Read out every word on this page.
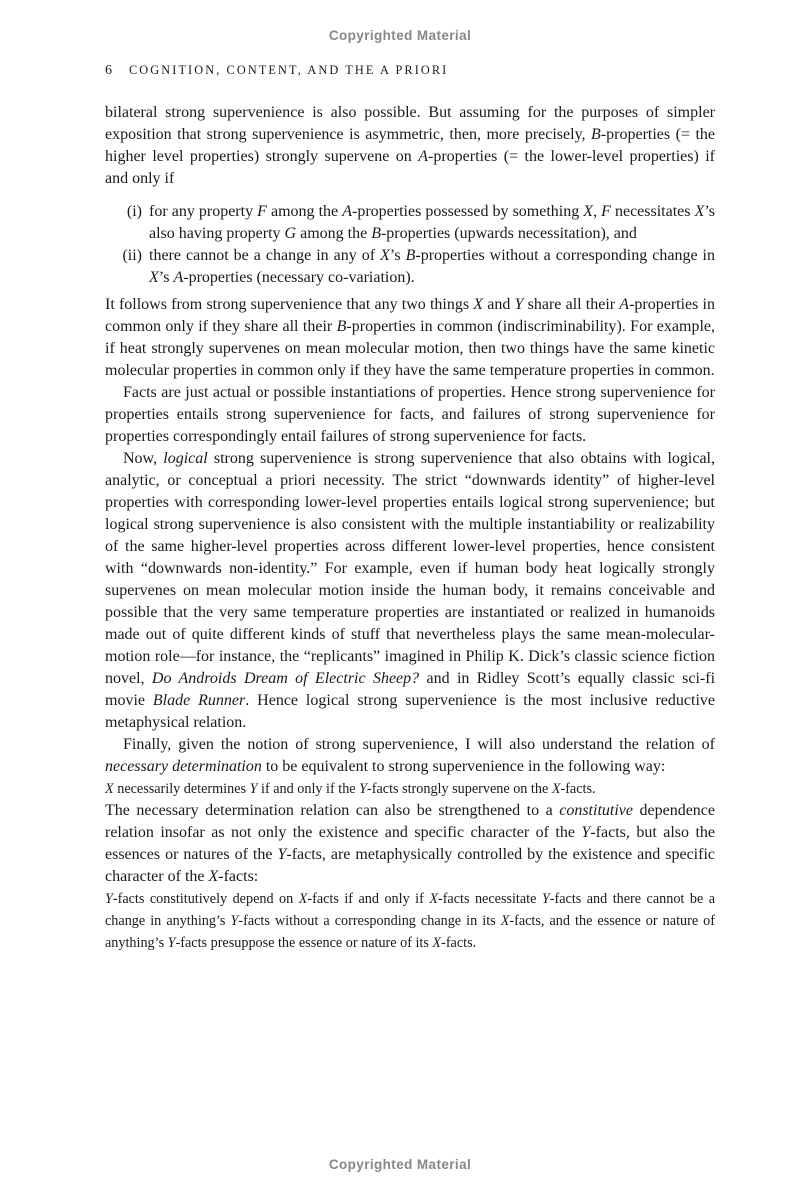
Copyrighted Material
6 COGNITION, CONTENT, AND THE A PRIORI

bilateral strong supervenience is also possible. But assuming for the purposes of simpler exposition that strong supervenience is asymmetric, then, more precisely, B-properties (= the higher level properties) strongly supervene on A-properties (= the lower-level properties) if and only if

(i) for any property F among the A-properties possessed by something X, F necessitates X’s also having property G among the B-properties (upwards necessitation), and
(ii) there cannot be a change in any of X’s B-properties without a corresponding change in X’s A-properties (necessary co-variation).

It follows from strong supervenience that any two things X and Y share all their A-properties in common only if they share all their B-properties in common (indiscriminability). For example, if heat strongly supervenes on mean molecular motion, then two things have the same kinetic molecular properties in common only if they have the same temperature properties in common.

Facts are just actual or possible instantiations of properties. Hence strong supervenience for properties entails strong supervenience for facts, and failures of strong supervenience for properties correspondingly entail failures of strong supervenience for facts.

Now, logical strong supervenience is strong supervenience that also obtains with logical, analytic, or conceptual a priori necessity. The strict “downwards identity” of higher-level properties with corresponding lower-level properties entails logical strong supervenience; but logical strong supervenience is also consistent with the multiple instantiability or realizability of the same higher-level properties across different lower-level properties, hence consistent with “downwards non-identity.” For example, even if human body heat logically strongly supervenes on mean molecular motion inside the human body, it remains conceivable and possible that the very same temperature properties are instantiated or realized in humanoids made out of quite different kinds of stuff that nevertheless plays the same mean-molecular-motion role—for instance, the “replicants” imagined in Philip K. Dick’s classic science fiction novel, Do Androids Dream of Electric Sheep? and in Ridley Scott’s equally classic sci-fi movie Blade Runner. Hence logical strong supervenience is the most inclusive reductive metaphysical relation.

Finally, given the notion of strong supervenience, I will also understand the relation of necessary determination to be equivalent to strong supervenience in the following way:

X necessarily determines Y if and only if the Y-facts strongly supervene on the X-facts.

The necessary determination relation can also be strengthened to a constitutive dependence relation insofar as not only the existence and specific character of the Y-facts, but also the essences or natures of the Y-facts, are metaphysically controlled by the existence and specific character of the X-facts:

Y-facts constitutively depend on X-facts if and only if X-facts necessitate Y-facts and there cannot be a change in anything’s Y-facts without a corresponding change in its X-facts, and the essence or nature of anything’s Y-facts presuppose the essence or nature of its X-facts.

Copyrighted Material
